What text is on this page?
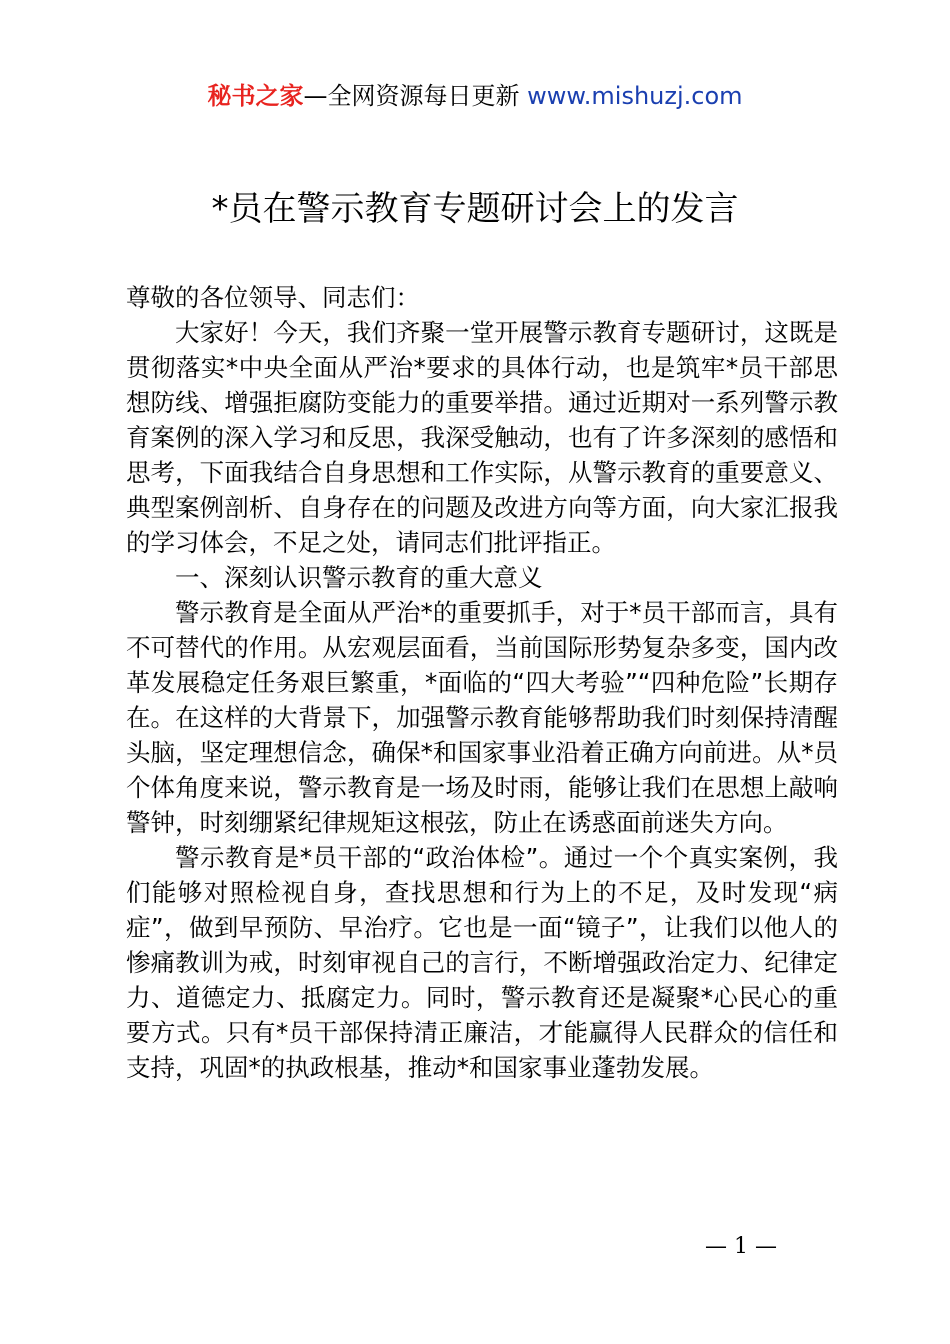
秘书之家—全网资源每日更新 www.mishuzj.com
*员在警示教育专题研讨会上的发言

尊敬的各位领导、同志们：

大家好！今天，我们齐聚一堂开展警示教育专题研讨，这既是贯彻落实*中央全面从严治*要求的具体行动，也是筑牢*员干部思想防线、增强拒腐防变能力的重要举措。通过近期对一系列警示教育案例的深入学习和反思，我深受触动，也有了许多深刻的感悟和思考，下面我结合自身思想和工作实际，从警示教育的重要意义、典型案例剖析、自身存在的问题及改进方向等方面，向大家汇报我的学习体会，不足之处，请同志们批评指正。

一、深刻认识警示教育的重大意义

警示教育是全面从严治*的重要抓手，对于*员干部而言，具有不可替代的作用。从宏观层面看，当前国际形势复杂多变，国内改革发展稳定任务艰巨繁重，*面临的“四大考验”“四种危险”长期存在。在这样的大背景下，加强警示教育能够帮助我们时刻保持清醒头脑，坚定理想信念，确保*和国家事业沿着正确方向前进。从*员个体角度来说，警示教育是一场及时雨，能够让我们在思想上敲响警钟，时刻绷紧纪律规矩这根弦，防止在诱惑面前迷失方向。

警示教育是*员干部的“政治体检”。通过一个个真实案例，我们能够对照检视自身，查找思想和行为上的不足，及时发现“病症”，做到早预防、早治疗。它也是一面“镜子”，让我们以他人的惨痛教训为戒，时刻审视自己的言行，不断增强政治定力、纪律定力、道德定力、抵腐定力。同时，警示教育还是凝聚*心民心的重要方式。只有*员干部保持清正廉洁，才能赢得人民群众的信任和支持，巩固*的执政根基，推动*和国家事业蓬勃发展。

— 1 —
